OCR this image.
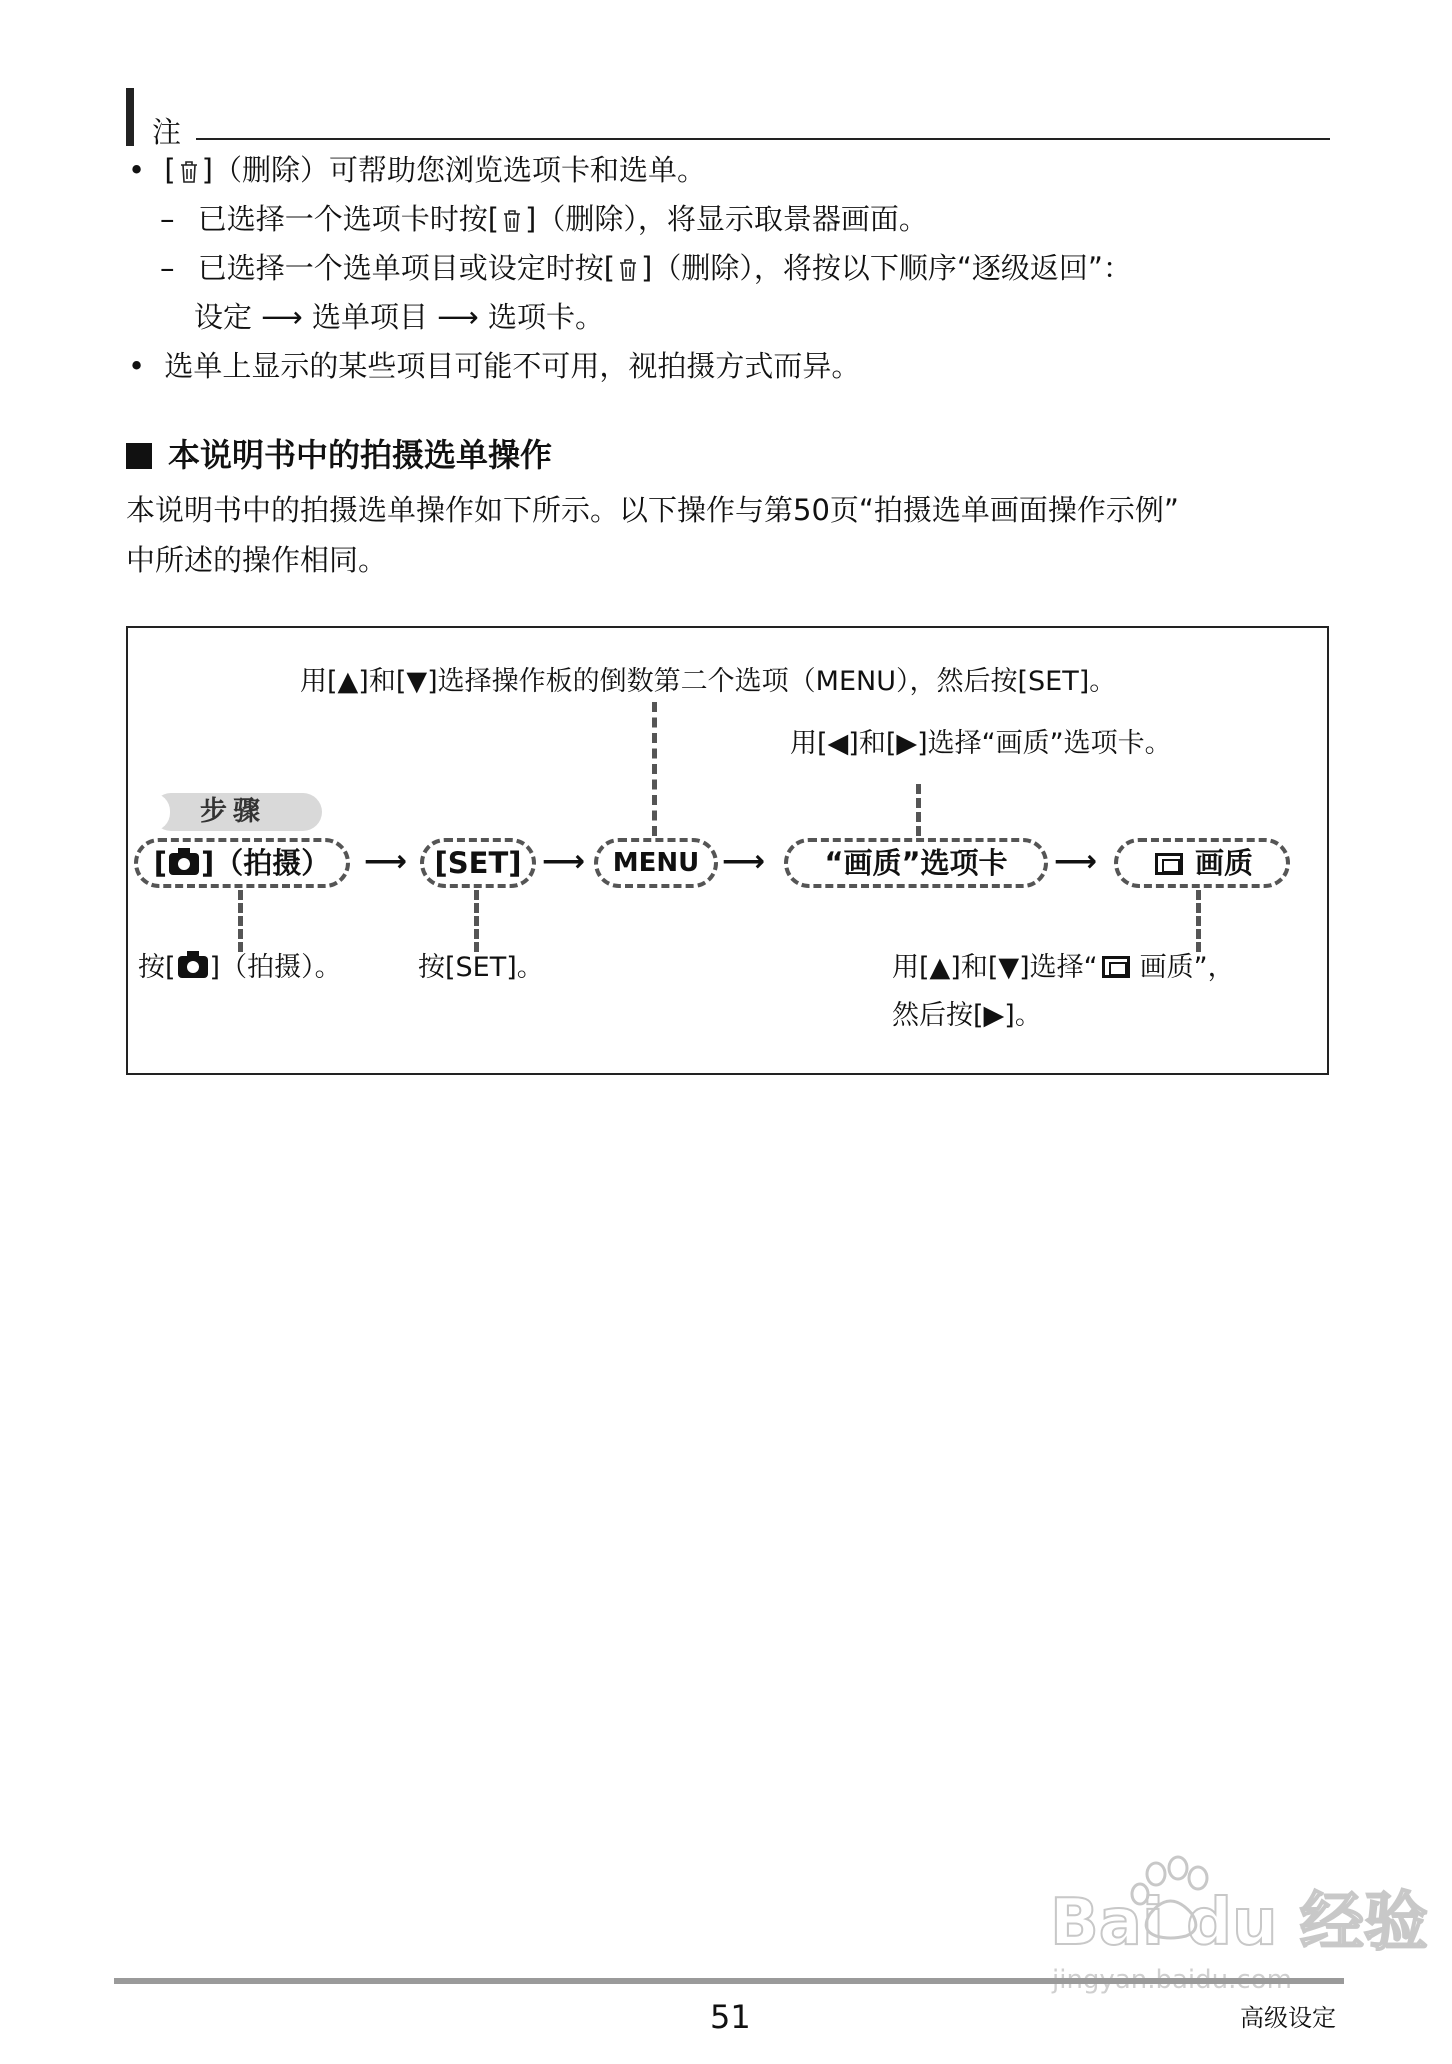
注
• [ ]（删除）可帮助您浏览选项卡和选单。
– 已选择一个选项卡时按[ ]（删除），将显示取景器画面。
– 已选择一个选单项目或设定时按[ ]（删除），将按以下顺序“逐级返回”：
设定 ⟶ 选单项目 ⟶ 选项卡。
• 选单上显示的某些项目可能不可用，视拍摄方式而异。
本说明书中的拍摄选单操作
本说明书中的拍摄选单操作如下所示。以下操作与第50页“拍摄选单画面操作示例”
中所述的操作相同。
用[▲]和[▼]选择操作板的倒数第二个选项（MENU），然后按[SET]。
用[◀]和[▶]选择“画质”选项卡。
步骤
[ ]（拍摄）	⟶ [SET] ⟶	MENU ⟶	“画质”选项卡	⟶	画质
按[ ]（拍摄）。	按[SET]。	用[▲]和[▼]选择“ 画质”，
然后按[▶]。
Bai du 经验
51	高级设定
